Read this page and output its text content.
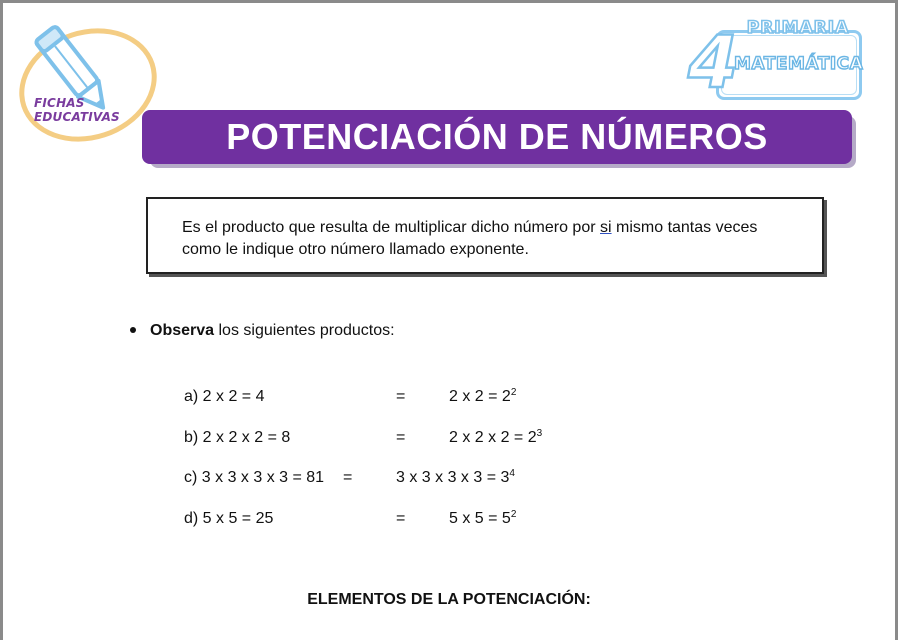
FICHAS
EDUCATIVAS
PRIMARIA
4
MATEMÁTICA
POTENCIACIÓN DE NÚMEROS
Es el producto que resulta de multiplicar dicho número por si mismo tantas veces como le indique otro número llamado exponente.
Observa los siguientes productos:
a) 2 x 2 = 4	=	2 x $2 = 2^2$
b) 2 x 2 x 2 = 8	=	2 x 2 x $2 = 2^3$
c) 3 x 3 x 3 x 3 = 81 =	3 x 3 x 3 x $3 = 3^4$
d) 5 x 5 = 25	=	5 x $5 = 5^2$
ELEMENTOS DE LA POTENCIACIÓN:
